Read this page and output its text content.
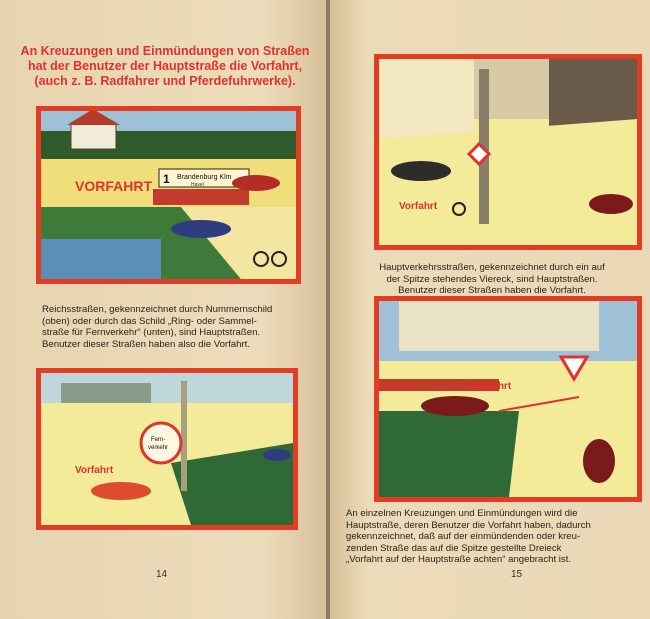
An Kreuzungen und Einmündungen von Straßen
hat der Benutzer der Hauptstraße die Vorfahrt,
(auch z. B. Radfahrer und Pferdefuhrwerke).

1 Brandenburg Klm
Havel
VORFAHRT

Reichsstraßen, gekennzeichnet durch Nummernschild
(oben) oder durch das Schild „Ring- oder Sammel-
straße für Fernverkehr“ (unten), sind Hauptstraßen.
Benutzer dieser Straßen haben also die Vorfahrt.

Fern-
verkehr
Vorfahrt
14
Vorfahrt

Hauptverkehrsstraßen, gekennzeichnet durch ein auf
der Spitze stehendes Viereck, sind Hauptstraßen.
Benutzer dieser Straßen haben die Vorfahrt.

Vorfahrt

An einzelnen Kreuzungen und Einmündungen wird die
Hauptstraße, deren Benutzer die Vorfahrt haben, dadurch
gekennzeichnet, daß auf der einmündenden oder kreu-
zenden Straße das auf die Spitze gestellte Dreieck
„Vorfahrt auf der Hauptstraße achten“ angebracht ist.

15
